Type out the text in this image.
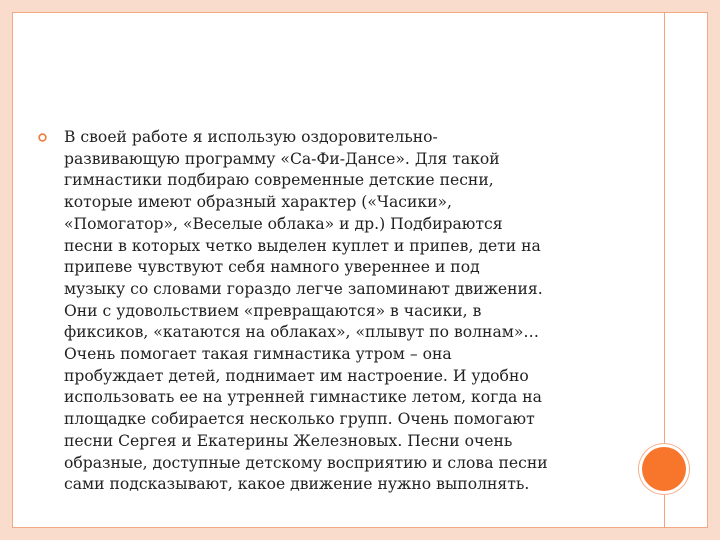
В своей работе я использую оздоровительно-
развивающую программу «Са-Фи-Дансе». Для такой
гимнастики подбираю современные детские песни,
которые имеют образный характер («Часики»,
«Помогатор», «Веселые облака» и др.) Подбираются
песни в которых четко выделен куплет и припев, дети на
припеве чувствуют себя намного увереннее и под
музыку со словами гораздо легче запоминают движения.
Они с удовольствием «превращаются» в часики, в
фиксиков, «катаются на облаках», «плывут по волнам»…
Очень помогает такая гимнастика утром – она
пробуждает детей, поднимает им настроение. И удобно
использовать ее на утренней гимнастике летом, когда на
площадке собирается несколько групп. Очень помогают
песни Сергея и Екатерины Железновых. Песни очень
образные, доступные детскому восприятию и слова песни
сами подсказывают, какое движение нужно выполнять.
